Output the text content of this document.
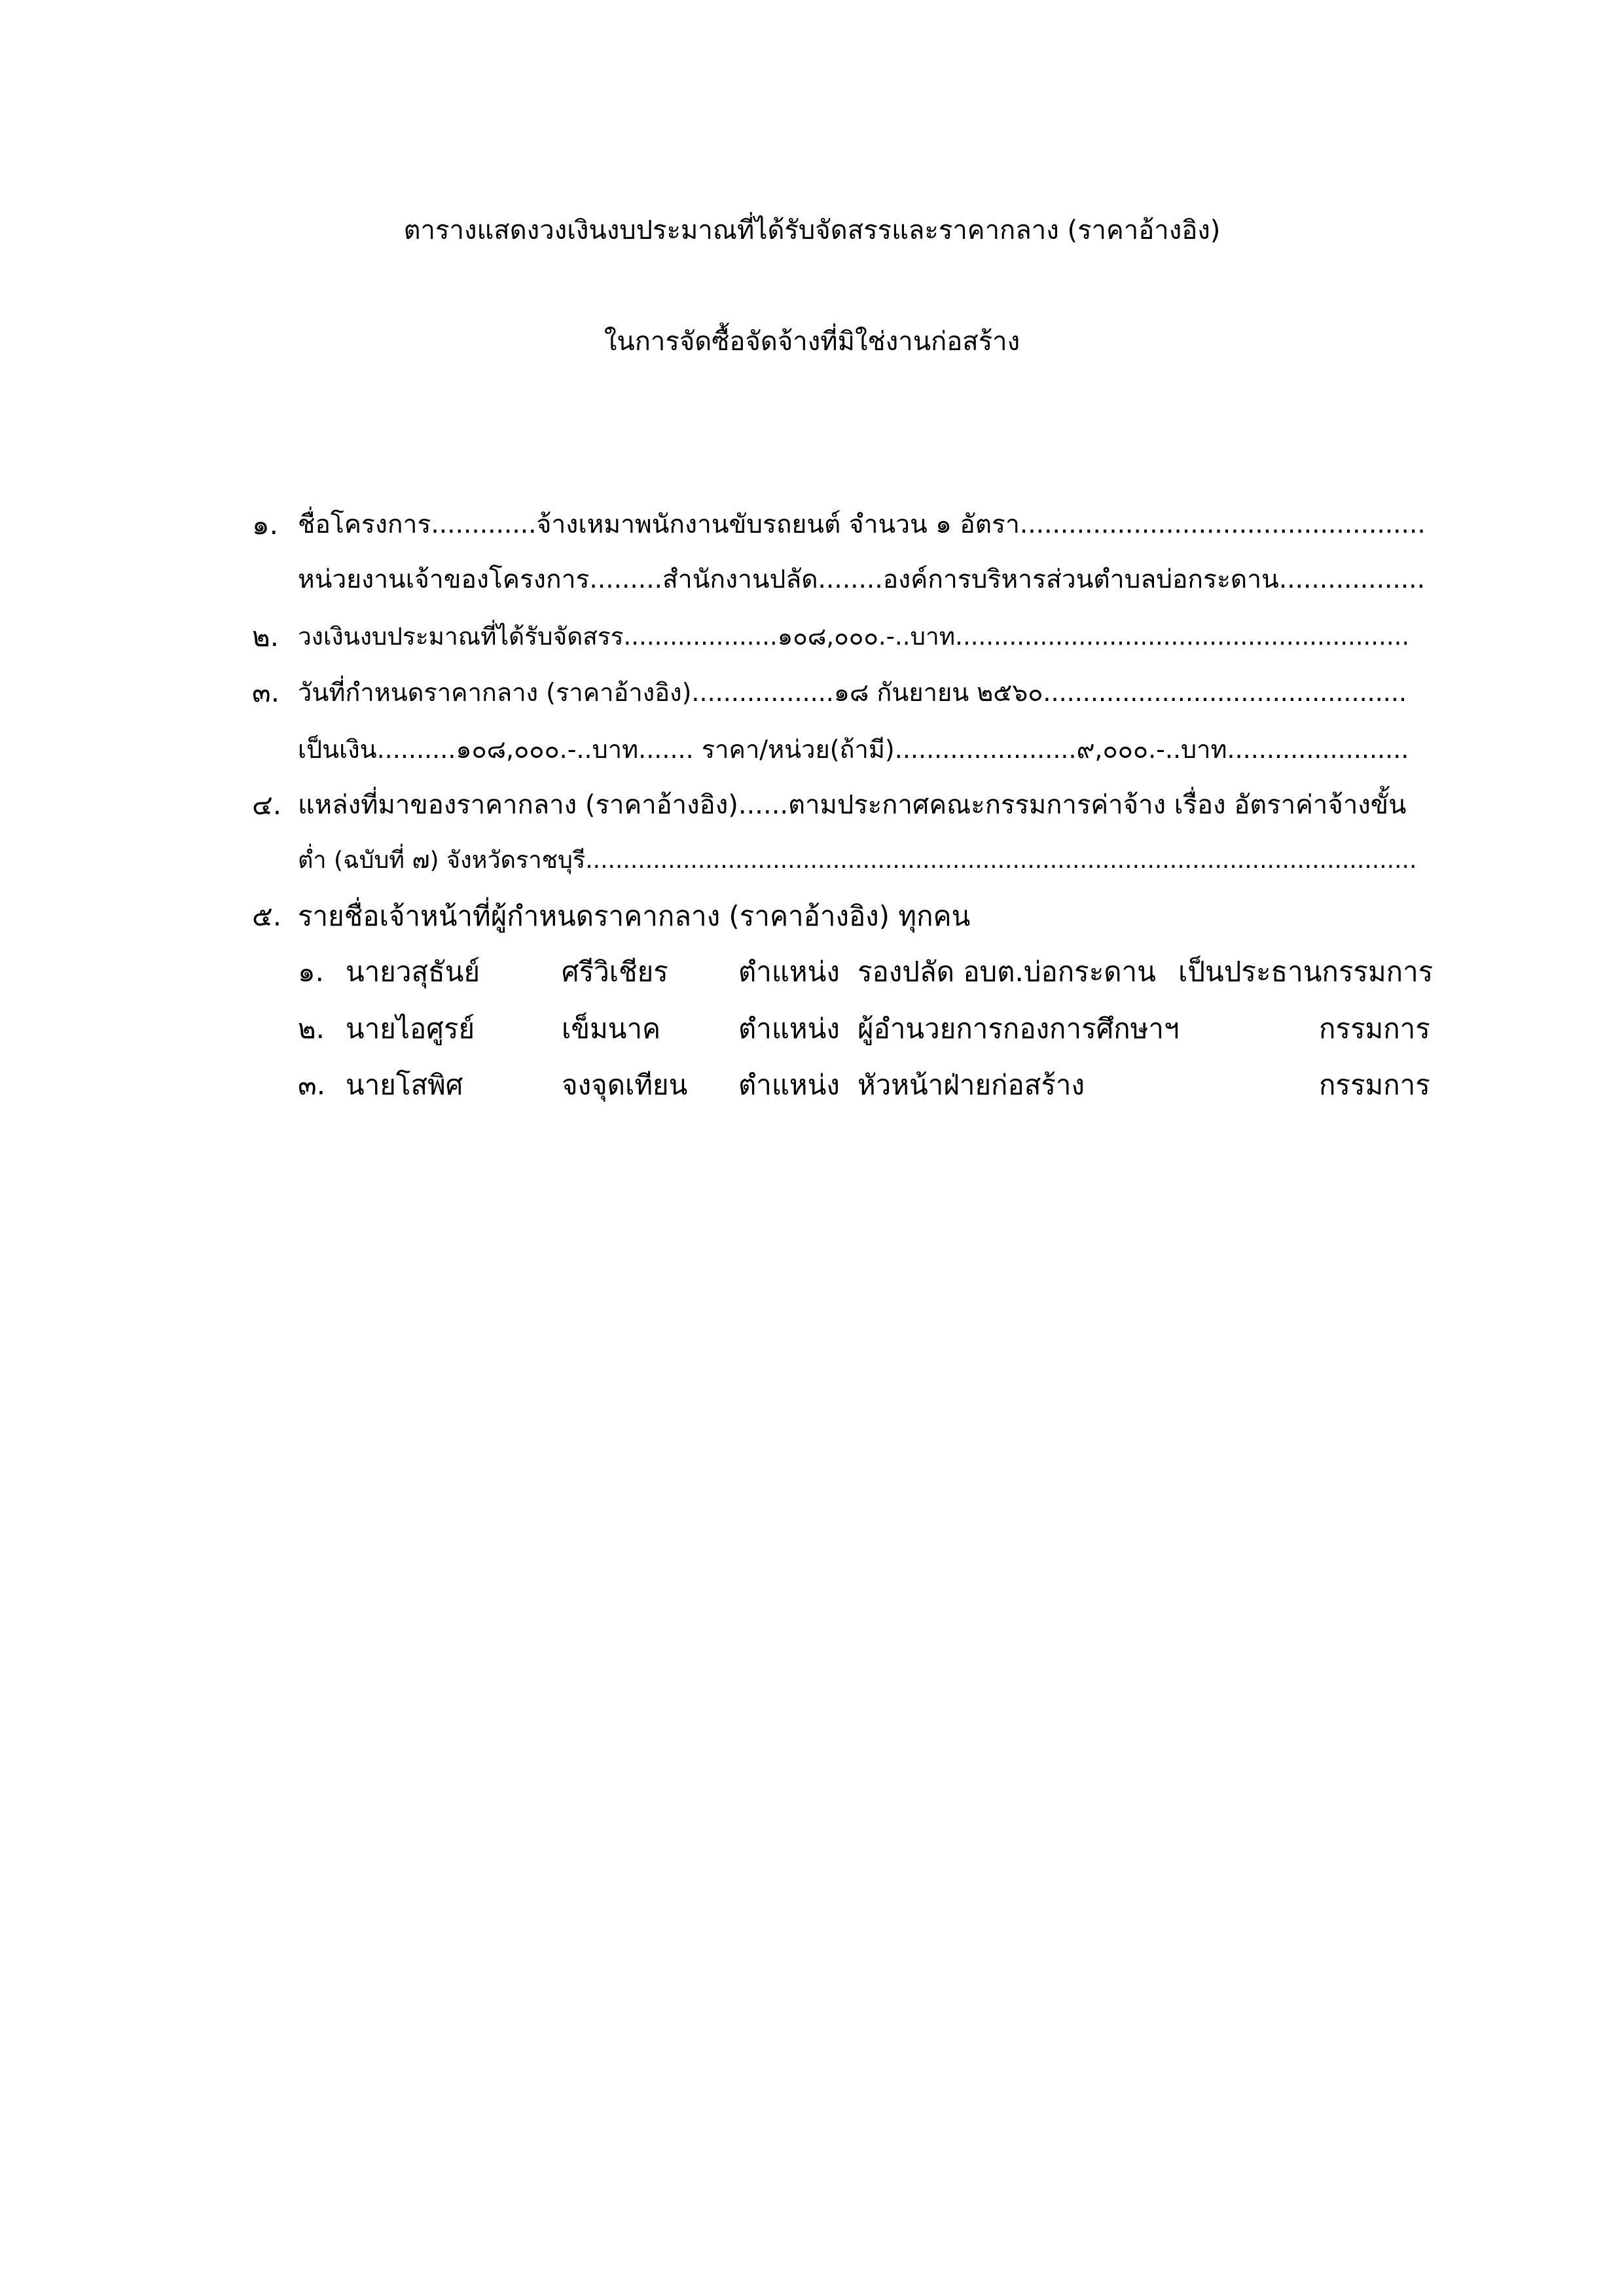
ตารางแสดงวงเงินงบประมาณที่ได้รับจัดสรรและราคากลาง (ราคาอ้างอิง)
ในการจัดซื้อจัดจ้างที่มิใช่งานก่อสร้าง
๑. ชื่อโครงการ.............จ้างเหมาพนักงานขับรถยนต์ จำนวน ๑ อัตรา..................................................
หน่วยงานเจ้าของโครงการ.........สำนักงานปลัด........องค์การบริหารส่วนตำบลบ่อกระดาน..................
๒. วงเงินงบประมาณที่ได้รับจัดสรร....................๑๐๘,๐๐๐.-..บาท...........................................................
๓. วันที่กำหนดราคากลาง (ราคาอ้างอิง)..................๑๘ กันยายน ๒๕๖๐..............................................
เป็นเงิน..........๑๐๘,๐๐๐.-..บาท....... ราคา/หน่วย(ถ้ามี).......................๙,๐๐๐.-..บาท.......................
๔. แหล่งที่มาของราคากลาง (ราคาอ้างอิง)......ตามประกาศคณะกรรมการค่าจ้าง เรื่อง อัตราค่าจ้างขั้น
ต่ำ (ฉบับที่ ๗) จังหวัดราชบุรี...............................................................................................................
๕. รายชื่อเจ้าหน้าที่ผู้กำหนดราคากลาง (ราคาอ้างอิง) ทุกคน
๑. นายวสุธันย์	ศรีวิเชียร	ตำแหน่ง รองปลัด อบต.บ่อกระดาน เป็นประธานกรรมการ
๒. นายไอศูรย์	เข็มนาค	ตำแหน่ง ผู้อำนวยการกองการศึกษาฯ	กรรมการ
๓. นายโสพิศ	จงจุดเทียน ตำแหน่ง หัวหน้าฝ่ายก่อสร้าง	กรรมการ
